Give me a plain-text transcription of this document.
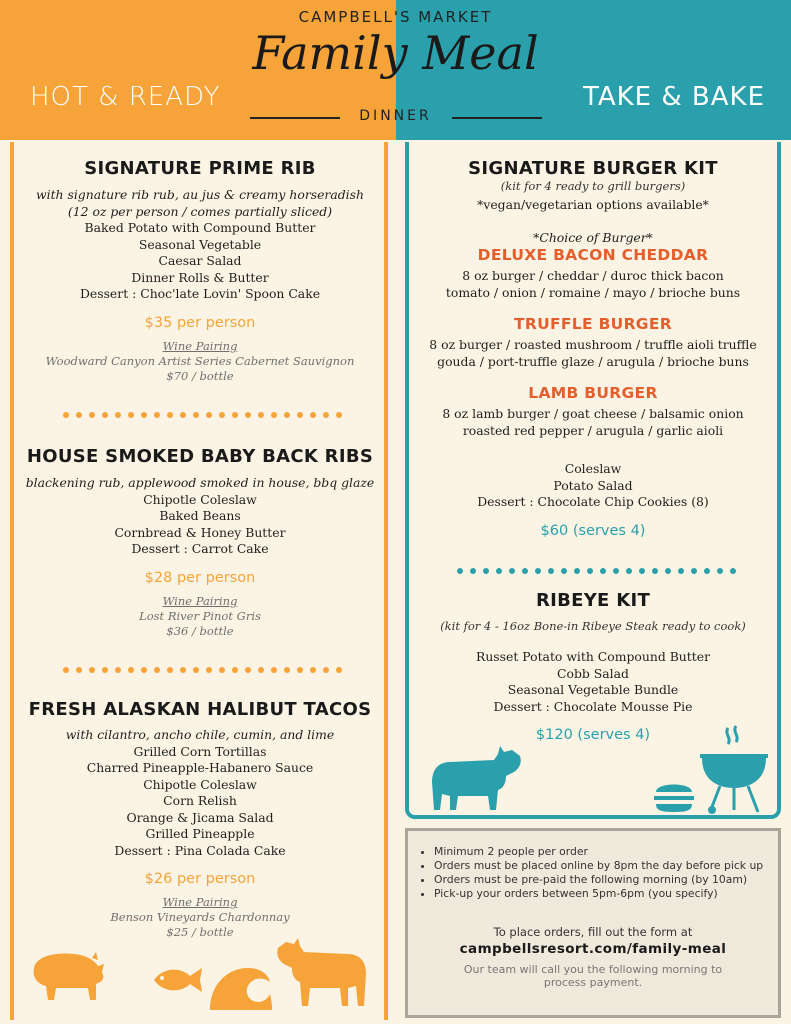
CAMPBELL'S MARKET
Family Meal
HOT & READY	TAKE & BAKE
DINNER
SIGNATURE PRIME RIB
with signature rib rub, au jus & creamy horseradish
(12 oz per person / comes partially sliced)
Baked Potato with Compound Butter
Seasonal Vegetable
Caesar Salad
Dinner Rolls & Butter
Dessert : Choc'late Lovin' Spoon Cake
$35 per person
Wine Pairing
Woodward Canyon Artist Series Cabernet Sauvignon
$70 / bottle
HOUSE SMOKED BABY BACK RIBS
blackening rub, applewood smoked in house, bbq glaze
Chipotle Coleslaw
Baked Beans
Cornbread & Honey Butter
Dessert : Carrot Cake
$28 per person
Wine Pairing
Lost River Pinot Gris
$36 / bottle
FRESH ALASKAN HALIBUT TACOS
with cilantro, ancho chile, cumin, and lime
Grilled Corn Tortillas
Charred Pineapple-Habanero Sauce
Chipotle Coleslaw
Corn Relish
Orange & Jicama Salad
Grilled Pineapple
Dessert : Pina Colada Cake
$26 per person
Wine Pairing
Benson Vineyards Chardonnay
$25 / bottle
SIGNATURE BURGER KIT
(kit for 4 ready to grill burgers)
*vegan/vegetarian options available*
*Choice of Burger*
DELUXE BACON CHEDDAR
8 oz burger / cheddar / duroc thick bacon
tomato / onion / romaine / mayo / brioche buns
TRUFFLE BURGER
8 oz burger / roasted mushroom / truffle aioli truffle
gouda / port-truffle glaze / arugula / brioche buns
LAMB BURGER
8 oz lamb burger / goat cheese / balsamic onion
roasted red pepper / arugula / garlic aioli
Coleslaw
Potato Salad
Dessert : Chocolate Chip Cookies (8)
$60 (serves 4)
RIBEYE KIT
(kit for 4 - 16oz Bone-in Ribeye Steak ready to cook)
Russet Potato with Compound Butter
Cobb Salad
Seasonal Vegetable Bundle
Dessert : Chocolate Mousse Pie
$120 (serves 4)
• Minimum 2 people per order
• Orders must be placed online by 8pm the day before pick up
• Orders must be pre-paid the following morning (by 10am)
• Pick-up your orders between 5pm-6pm (you specify)
To place orders, fill out the form at
campbellsresort.com/family-meal
Our team will call you the following morning to process payment.
